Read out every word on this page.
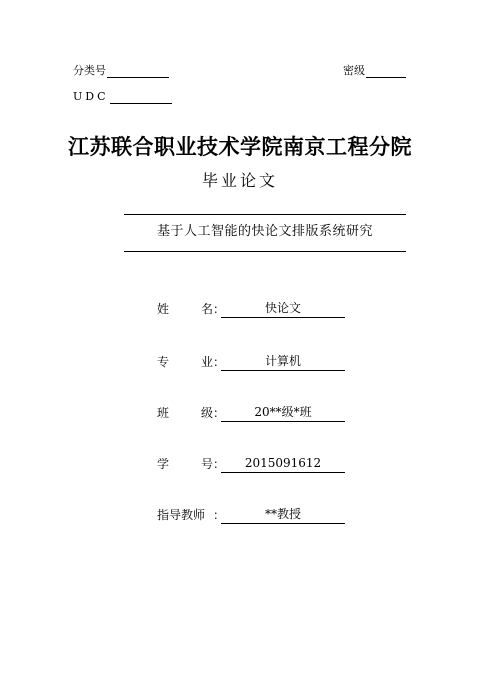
分类号	密级
UDC
江苏联合职业技术学院南京工程分院
毕业论文
基于人工智能的快论文排版系统研究
姓	名 ：	快论文
专	业 ：	计算机
班	级 ：	20**级*班
学	号 ：	2015091612
指导教师 ：	**教授
